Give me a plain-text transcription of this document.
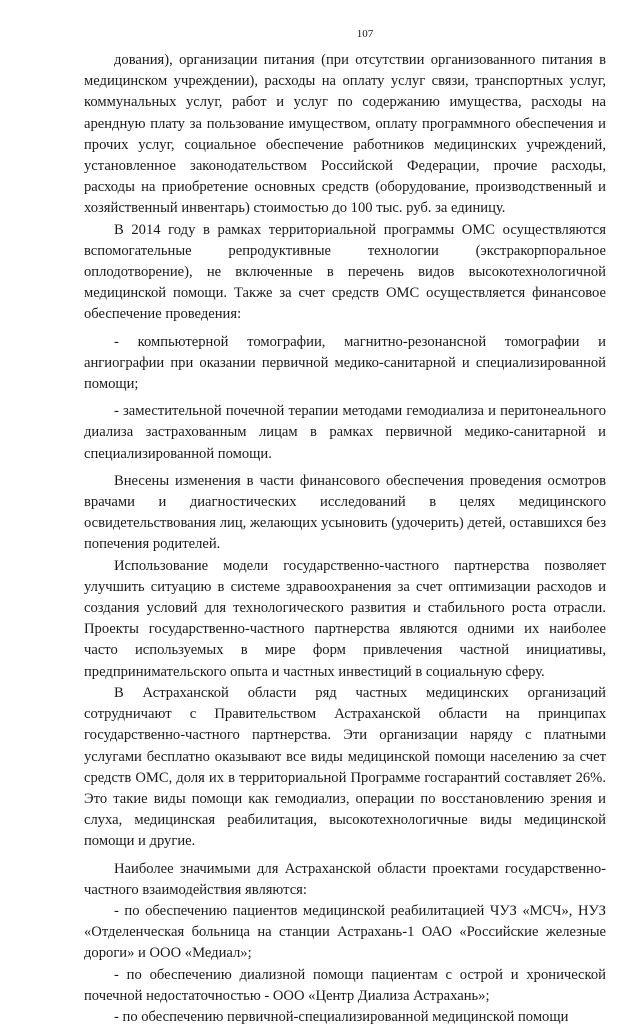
107

дования), организации питания (при отсутствии организованного питания в медицинском учреждении), расходы на оплату услуг связи, транспортных услуг, коммунальных услуг, работ и услуг по содержанию имущества, расходы на арендную плату за пользование имуществом, оплату программного обеспечения и прочих услуг, социальное обеспечение работников медицинских учреждений, установленное законодательством Российской Федерации, прочие расходы, расходы на приобретение основных средств (оборудование, производственный и хозяйственный инвентарь) стоимостью до 100 тыс. руб. за единицу.

В 2014 году в рамках территориальной программы ОМС осуществляются вспомогательные репродуктивные технологии (экстракорпоральное оплодотворение), не включенные в перечень видов высокотехнологичной медицинской помощи. Также за счет средств ОМС осуществляется финансовое обеспечение проведения:

- компьютерной томографии, магнитно-резонансной томографии и ангиографии при оказании первичной медико-санитарной и специализированной помощи;

- заместительной почечной терапии методами гемодиализа и перитонеального диализа застрахованным лицам в рамках первичной медико-санитарной и специализированной помощи.

Внесены изменения в части финансового обеспечения проведения осмотров врачами и диагностических исследований в целях медицинского освидетельствования лиц, желающих усыновить (удочерить) детей, оставшихся без попечения родителей.

Использование модели государственно-частного партнерства позволяет улучшить ситуацию в системе здравоохранения за счет оптимизации расходов и создания условий для технологического развития и стабильного роста отрасли. Проекты государственно-частного партнерства являются одними их наиболее часто используемых в мире форм привлечения частной инициативы, предпринимательского опыта и частных инвестиций в социальную сферу.

В Астраханской области ряд частных медицинских организаций сотрудничают с Правительством Астраханской области на принципах государственно-частного партнерства. Эти организации наряду с платными услугами бесплатно оказывают все виды медицинской помощи населению за счет средств ОМС, доля их в территориальной Программе госгарантий составляет 26%. Это такие виды помощи как гемодиализ, операции по восстановлению зрения и слуха, медицинская реабилитация, высокотехнологичные виды медицинской помощи и другие.

Наиболее значимыми для Астраханской области проектами государственно-частного взаимодействия являются:

- по обеспечению пациентов медицинской реабилитацией ЧУЗ «МСЧ», НУЗ «Отделенческая больница на станции Астрахань-1 ОАО «Российские железные дороги» и ООО «Медиал»;

- по обеспечению диализной помощи пациентам с острой и хронической почечной недостаточностью - ООО «Центр Диализа Астрахань»;

- по обеспечению первичной-специализированной медицинской помощи
